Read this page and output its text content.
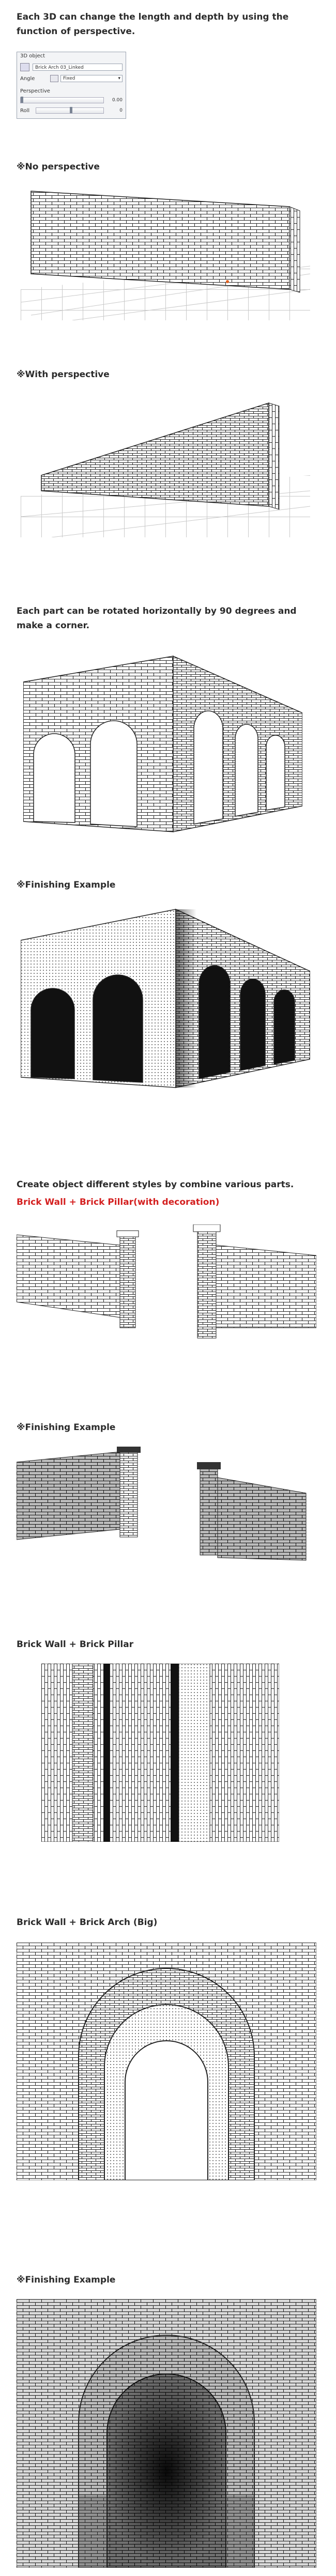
Each 3D can change the length and depth by using the
function of perspective.
3D object
Brick Arch 03_Linked
Angle	Fixed	▾
Perspective
0.00
Roll	0
※No perspective
※With perspective
Each part can be rotated horizontally by 90 degrees and
make a corner.
※Finishing Example
Create object different styles by combine various parts.
Brick Wall + Brick Pillar(with decoration)
※Finishing Example
Brick Wall + Brick Pillar
Brick Wall + Brick Arch (Big)
※Finishing Example
